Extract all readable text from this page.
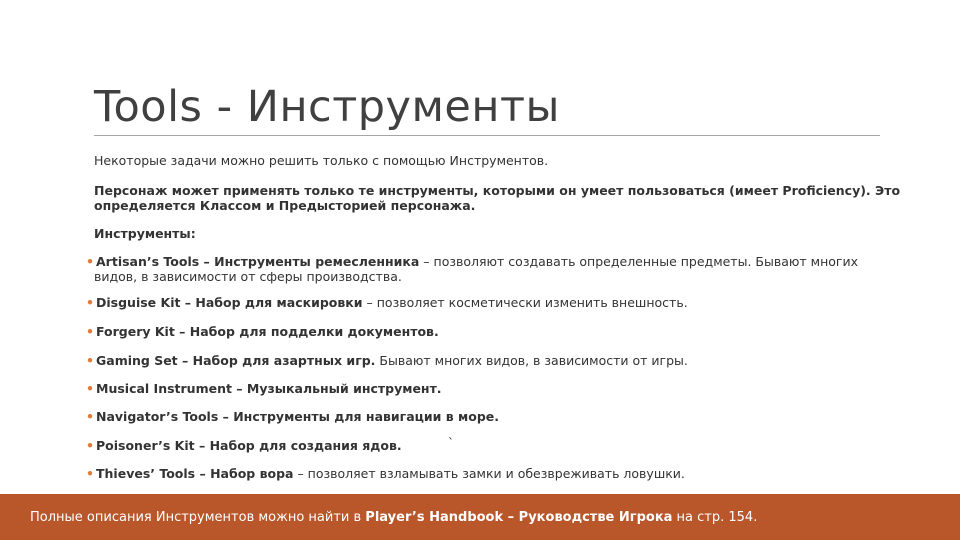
Tools - Инструменты
Некоторые задачи можно решить только с помощью Инструментов.
Персонаж может применять только те инструменты, которыми он умеет пользоваться (имеет Proficiency). Это
определяется Классом и Предысторией персонажа.
Инструменты:
• Artisan’s Tools – Инструменты ремесленника – позволяют создавать определенные предметы. Бывают многих
видов, в зависимости от сферы производства.
• Disguise Kit – Набор для маскировки – позволяет косметически изменить внешность.
• Forgery Kit – Набор для подделки документов.
• Gaming Set – Набор для азартных игр. Бывают многих видов, в зависимости от игры.
• Musical Instrument – Музыкальный инструмент.
• Navigator’s Tools – Инструменты для навигации в море.
• Poisoner’s Kit – Набор для создания ядов.	`
• Thieves’ Tools – Набор вора – позволяет взламывать замки и обезвреживать ловушки.
Полные описания Инструментов можно найти в Player’s Handbook – Руководстве Игрока на стр. 154.
